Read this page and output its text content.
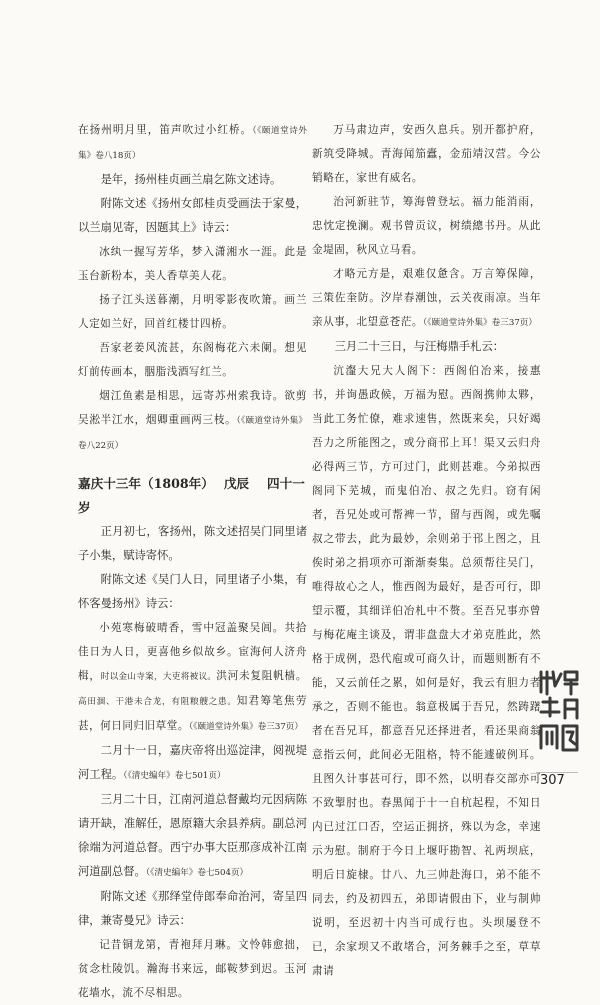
在扬州明月里，笛声吹过小红桥。（《颐道堂诗外集》卷八18页）

是年，扬州桂贞画兰扇乞陈文述诗。

附陈文述《扬州女郎桂贞受画法于家曼，以兰扇见寄，因题其上》诗云：

冰纨一握写芳华，梦入潇湘水一涯。此是玉台新粉本，美人香草美人花。

扬子江头送暮潮，月明零影夜吹箫。画兰人定如兰好，回首红楼廿四桥。

吾家老姜风流甚，东阁梅花六未阑。想见灯前传画本，胭脂浅酒写红兰。

烟江鱼素是相思，远寄苏州索我诗。欲剪吴淞半江水，烟卿重画两三枝。（《颐道堂诗外集》卷八22页）

嘉庆十三年（1808年） 戊辰 四十一岁

正月初七，客扬州，陈文述招吴门同里诸子小集，赋诗寄怀。

附陈文述《吴门人日，同里诸子小集，有怀客曼扬州》诗云：

小苑寒梅破晴香，雪中冠盖聚吴阊。共拾佳日为人日，更喜他乡似故乡。宦海何人济舟楫，时以金山寺案，大吏将被议。洪河未复阻帆樯。高田涸、干港未合龙，有阻粮艘之患。知君筹笔焦劳甚，何日同归旧草堂。（《颐道堂诗外集》卷三37页）

二月十一日，嘉庆帝将出巡淀津，阅视堤河工程。（《清史编年》卷七501页）

三月二十日，江南河道总督戴均元因病陈请开缺，准解任，恩原籍大余县养病。副总河徐端为河道总督。西宁办事大臣那彦成补江南河道副总督。（《清史编年》卷七504页）

附陈文述《那绎堂侍郎奉命治河，寄呈四律，兼寄曼兄》诗云：

记昔铜龙第，青袍拜月琳。文怜韩愈拙，贫念杜陵饥。瀚海书来远，邮鞍梦到迟。玉河花墙水，流不尽相思。

万马肃边声，安西久息兵。别开都护府，新筑受降城。青海闻笳蠹，金茄靖汉营。今公销略在，家世有威名。

治河新驻节，筹海曾登坛。福力能消雨，忠忱定挽澜。观书曾贡议，树绩總书丹。从此金堤固，秋风立马看。

才略元方是，艰难仅惫含。万言筹保障，三策佐奎防。汐岸春潮蚀，云关夜雨凉。当年亲从事，北望意苍茫。（《颐道堂诗外集》卷三37页）

三月二十三日，与汪梅鼎手札云：

沆瀣大兄大人阁下：西阁伯冶来，接惠书，并询愚政候，万福为慰。西阁携帅太夥，当此工务忙僚，难求速售，然既来矣，只好竭吾力之所能图之，或分商邗上耳！渠又云归舟必得两三节，方可过门，此则甚难。今弟拟西阁同下芜城，而鬼伯冶、叔之先归。窃有闲者，吾兄处或可帮裨一节，留与西阁，或先嘱叔之带去，此为最妙，余则弟于邗上图之，且俟时弟之捐项亦可渐渐奏集。总须帮往吴门，唯得故心之人，惟西阁为最好，是否可行，即望示覆，其细详伯冶札中不赘。至吾兄事亦曾与梅花庵主谈及，谓非盘盘大才弟克胜此，然格于成例，恐代庖或可商久计，而题则断有不能，又云前任之累，如何是好，我云有胆力者承之，否则不能也。翁意极属于吾兄，然踌躇者在吾兄耳，都意吾兄还择进者，看还果商翁意指云何，此间必无阻格，特不能遽破例耳。且图久计事甚可行，即不然，以明春交部亦可不致掣肘也。春黑闻于十一自杭起程，不知日内已过江口否，空运正拥挤，殊以为念，幸速示为慰。制府于今日上堰吁勘智、礼两坝底，明后日旋棣。廿八、九三帅赴海口，弟不能不同去，约及初四五，弟即请假由下，业与制帅说明，至迟初十内当可成行也。头坝屡登不已，余家坝又不敢堵合，河务棘手之至，草草肃请

307
